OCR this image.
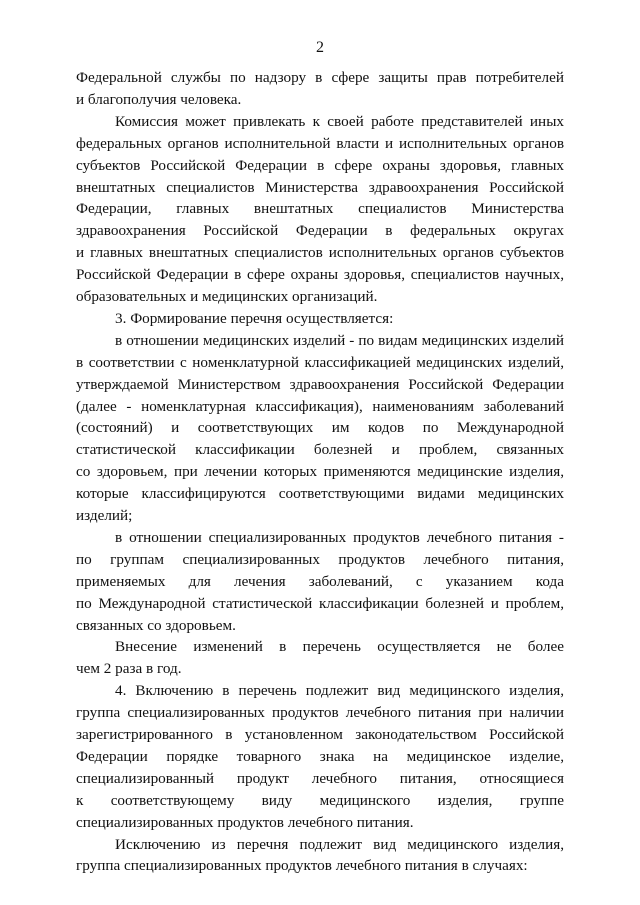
2
Федеральной службы по надзору в сфере защиты прав потребителей
и благополучия человека.
Комиссия может привлекать к своей работе представителей иных
федеральных органов исполнительной власти и исполнительных органов
субъектов Российской Федерации в сфере охраны здоровья, главных
внештатных специалистов Министерства здравоохранения Российской
Федерации, главных внештатных специалистов Министерства
здравоохранения Российской Федерации в федеральных округах
и главных внештатных специалистов исполнительных органов субъектов
Российской Федерации в сфере охраны здоровья, специалистов научных,
образовательных и медицинских организаций.
3. Формирование перечня осуществляется:
в отношении медицинских изделий - по видам медицинских изделий
в соответствии с номенклатурной классификацией медицинских изделий,
утверждаемой Министерством здравоохранения Российской Федерации
(далее - номенклатурная классификация), наименованиям заболеваний
(состояний) и соответствующих им кодов по Международной
статистической классификации болезней и проблем, связанных
со здоровьем, при лечении которых применяются медицинские изделия,
которые классифицируются соответствующими видами медицинских
изделий;
в отношении специализированных продуктов лечебного питания -
по группам специализированных продуктов лечебного питания,
применяемых для лечения заболеваний, с указанием кода
по Международной статистической классификации болезней и проблем,
связанных со здоровьем.
Внесение изменений в перечень осуществляется не более
чем 2 раза в год.
4. Включению в перечень подлежит вид медицинского изделия,
группа специализированных продуктов лечебного питания при наличии
зарегистрированного в установленном законодательством Российской
Федерации порядке товарного знака на медицинское изделие,
специализированный продукт лечебного питания, относящиеся
к соответствующему виду медицинского изделия, группе
специализированных продуктов лечебного питания.
Исключению из перечня подлежит вид медицинского изделия,
группа специализированных продуктов лечебного питания в случаях:
